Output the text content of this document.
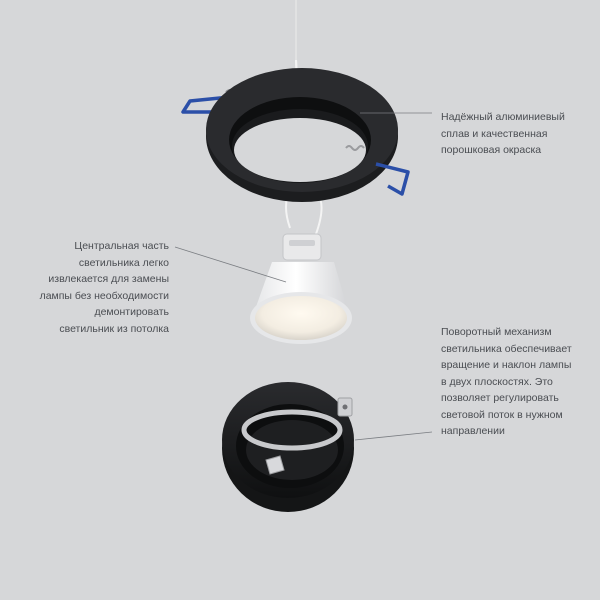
Надёжный алюминиевый
сплав и качественная
порошковая окраска

Центральная часть
светильника легко
извлекается для замены
лампы без необходимости
демонтировать
светильник из потолка	Поворотный механизм
светильника обеспечивает
вращение и наклон лампы
в двух плоскостях. Это
позволяет регулировать
световой поток в нужном
направлении
